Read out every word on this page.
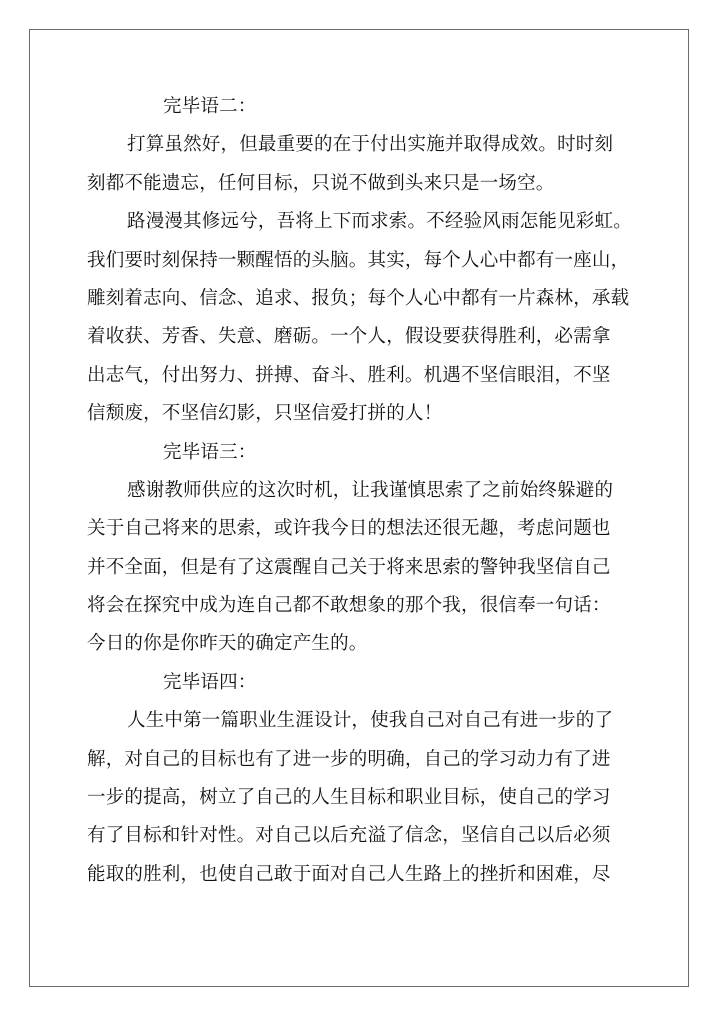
完毕语二：
打算虽然好，但最重要的在于付出实施并取得成效。时时刻
刻都不能遗忘，任何目标，只说不做到头来只是一场空。
路漫漫其修远兮，吾将上下而求索。不经验风雨怎能见彩虹。
我们要时刻保持一颗醒悟的头脑。其实，每个人心中都有一座山，
雕刻着志向、信念、追求、报负；每个人心中都有一片森林，承载
着收获、芳香、失意、磨砺。一个人，假设要获得胜利，必需拿
出志气，付出努力、拼搏、奋斗、胜利。机遇不坚信眼泪，不坚
信颓废，不坚信幻影，只坚信爱打拼的人！
完毕语三：
感谢教师供应的这次时机，让我谨慎思索了之前始终躲避的
关于自己将来的思索，或许我今日的想法还很无趣，考虑问题也
并不全面，但是有了这震醒自己关于将来思索的警钟我坚信自己
将会在探究中成为连自己都不敢想象的那个我，很信奉一句话：
今日的你是你昨天的确定产生的。
完毕语四：
人生中第一篇职业生涯设计，使我自己对自己有进一步的了
解，对自己的目标也有了进一步的明确，自己的学习动力有了进
一步的提高，树立了自己的人生目标和职业目标，使自己的学习
有了目标和针对性。对自己以后充溢了信念，坚信自己以后必须
能取的胜利，也使自己敢于面对自己人生路上的挫折和困难，尽
